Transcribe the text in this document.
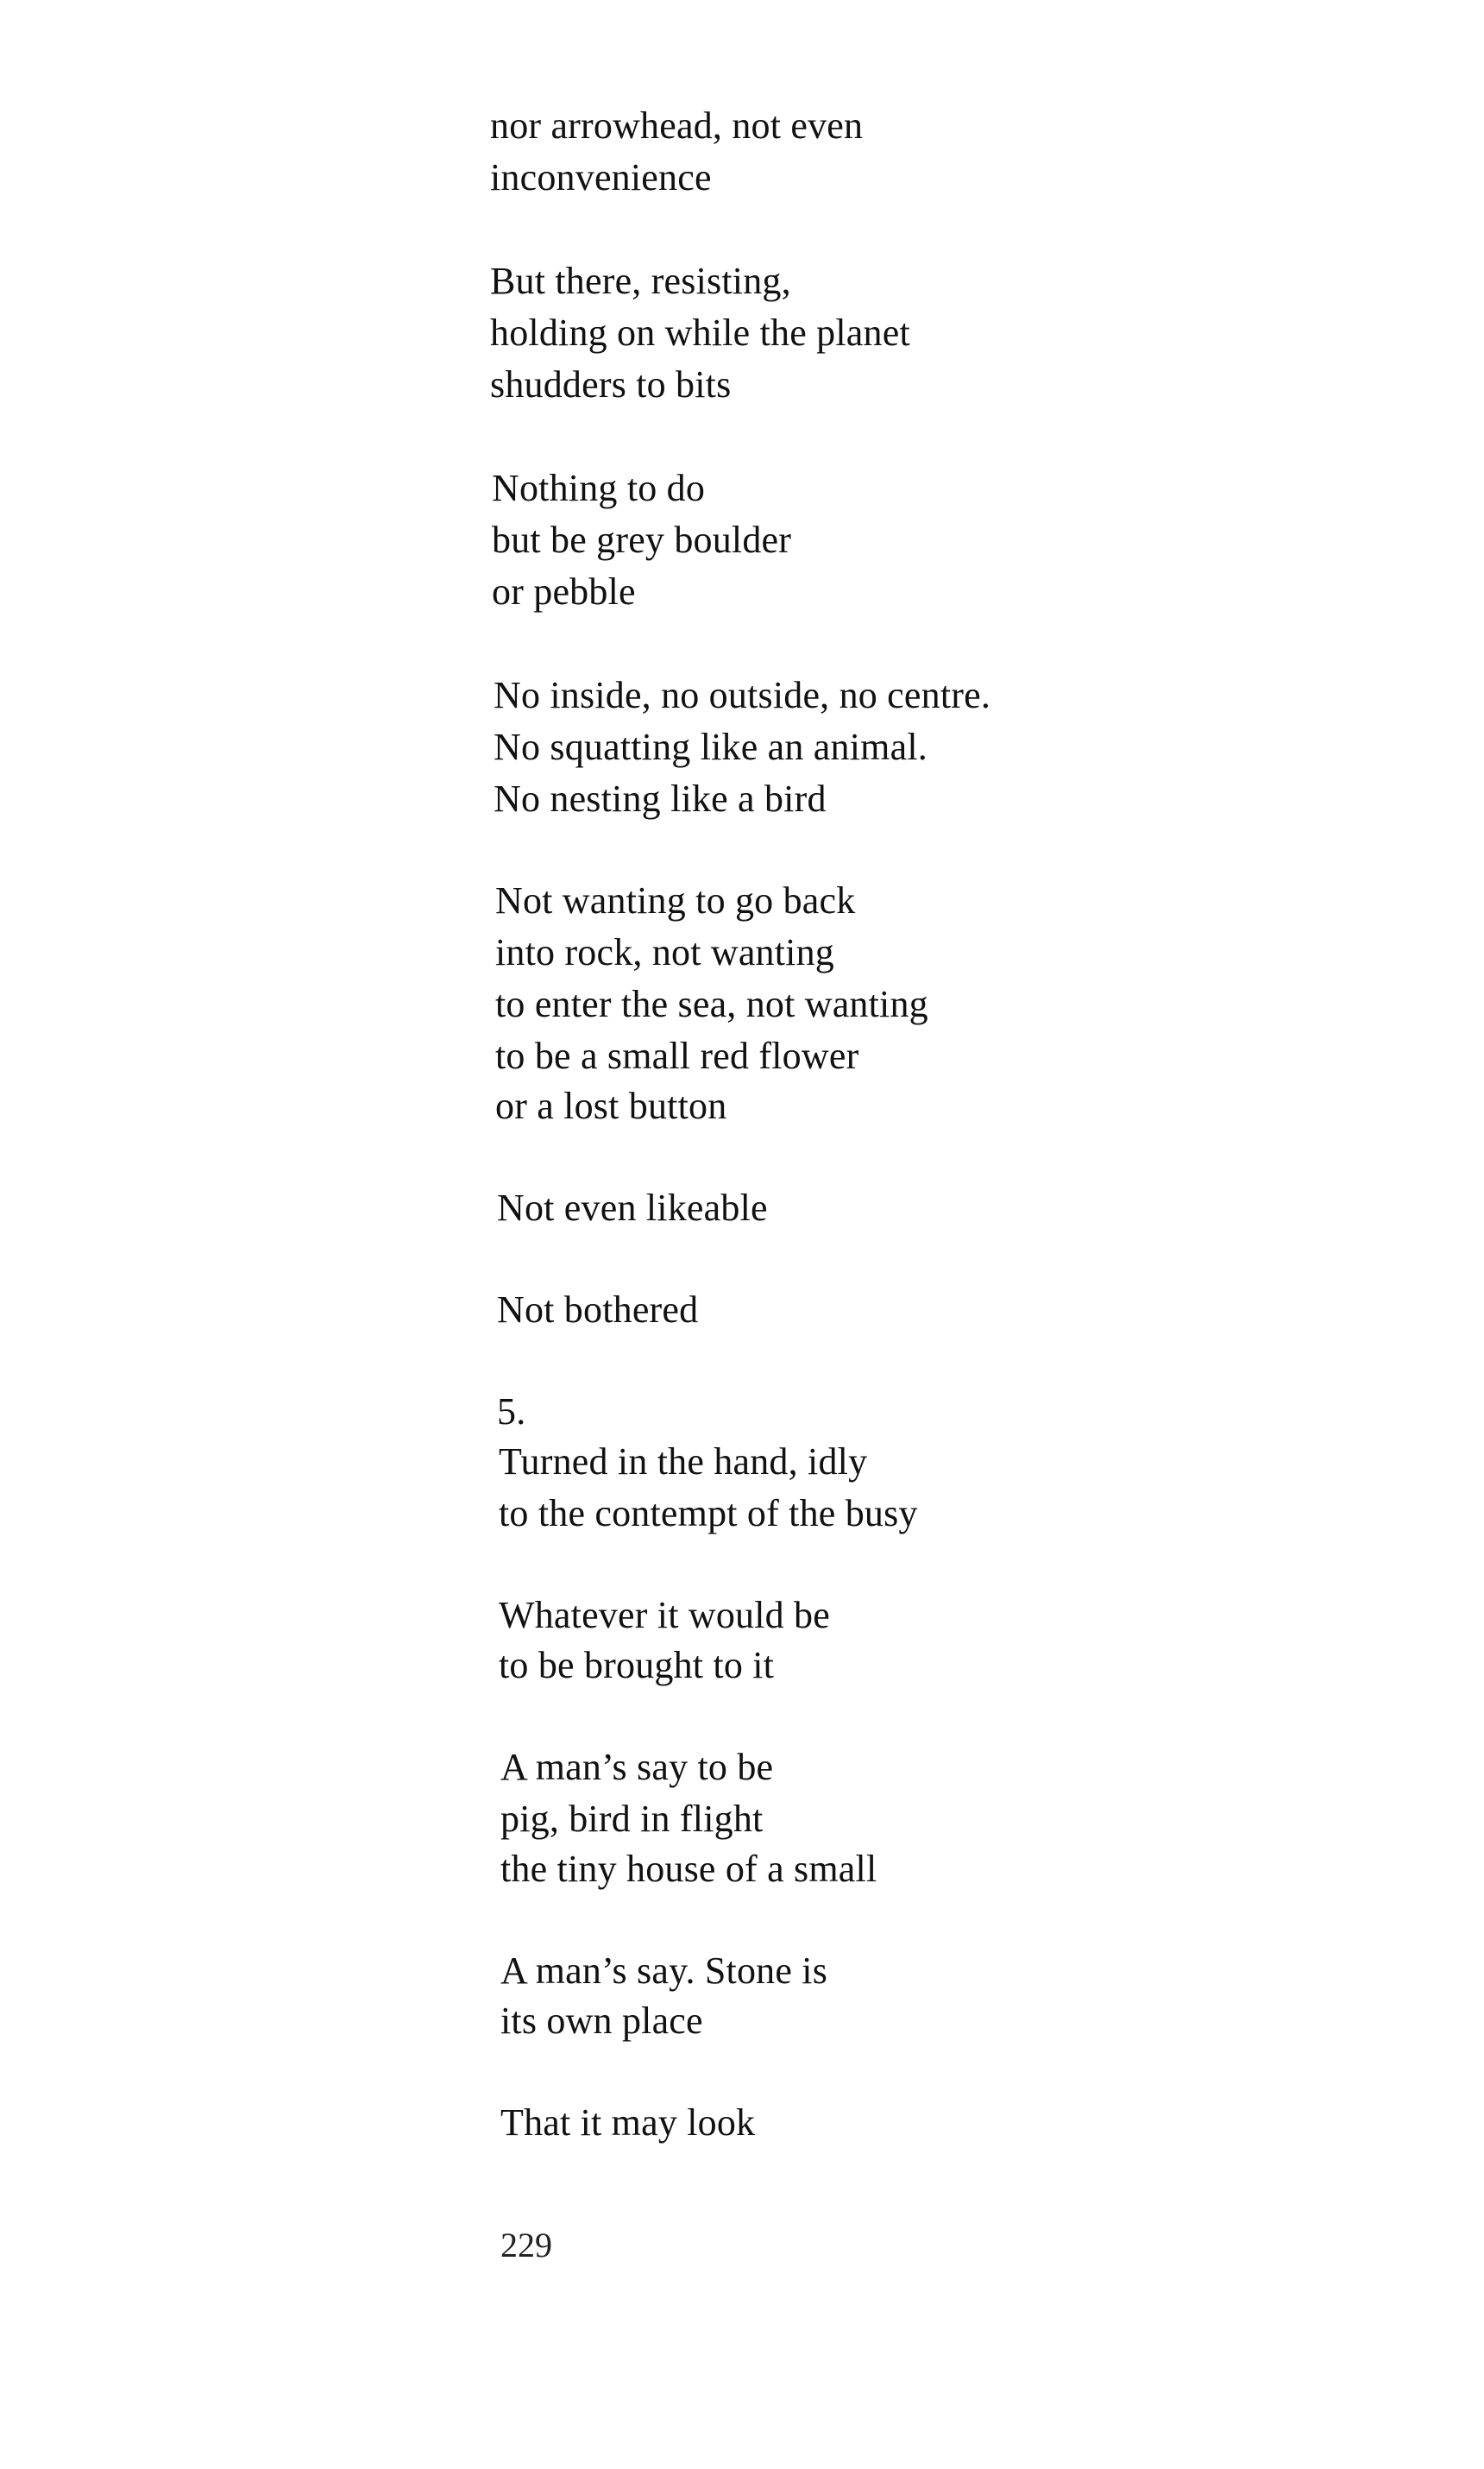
nor arrowhead, not even
inconvenience
But there, resisting,
holding on while the planet
shudders to bits
Nothing to do
but be grey boulder
or pebble
No inside, no outside, no centre.
No squatting like an animal.
No nesting like a bird
Not wanting to go back
into rock, not wanting
to enter the sea, not wanting
to be a small red flower
or a lost button
Not even likeable
Not bothered
5.
Turned in the hand, idly
to the contempt of the busy
Whatever it would be
to be brought to it
A man’s say to be
pig, bird in flight
the tiny house of a small
A man’s say. Stone is
its own place
That it may look
229
